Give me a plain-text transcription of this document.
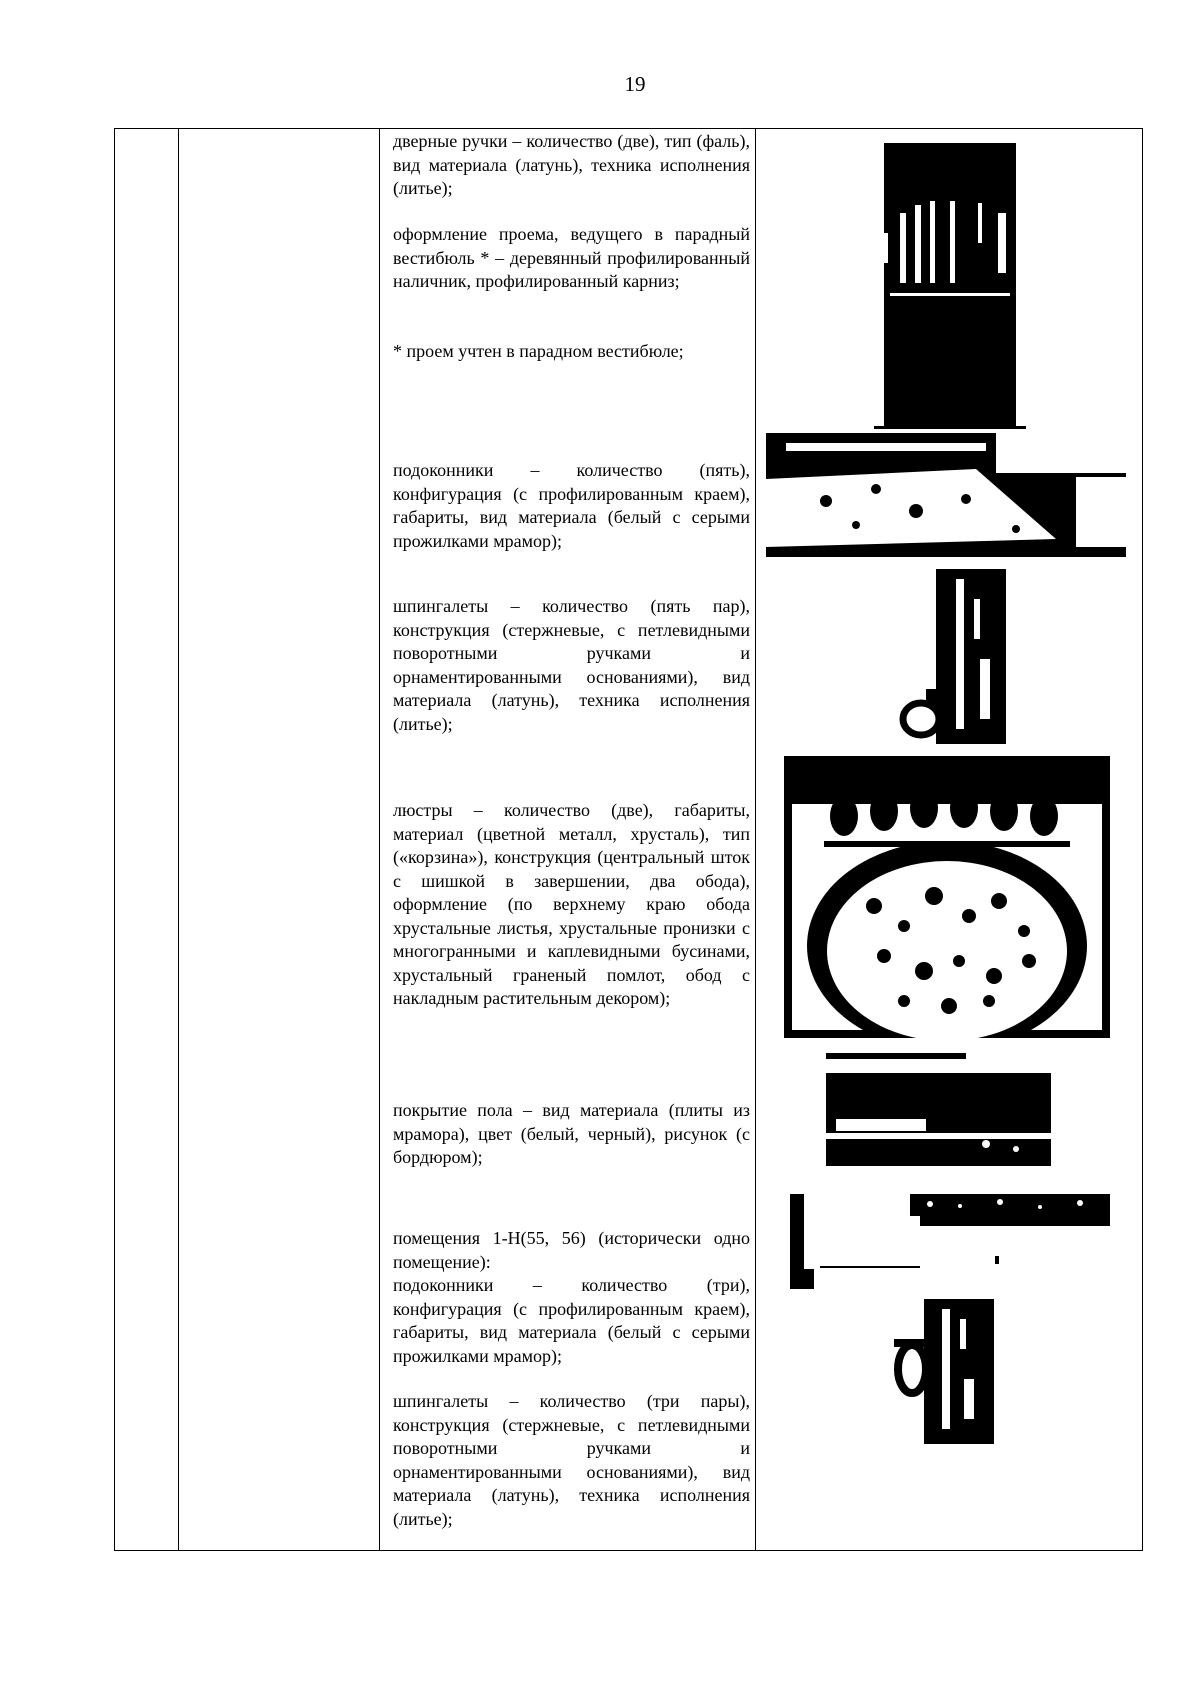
19

дверные ручки – количество (две), тип (фаль), вид материала (латунь), техника исполнения (литье);

оформление проема, ведущего в парадный вестибюль * – деревянный профилированный наличник, профилированный карниз;

* проем учтен в парадном вестибюле;

подоконники – количество (пять), конфигурация (с профилированным краем), габариты, вид материала (белый с серыми прожилками мрамор);

шпингалеты – количество (пять пар), конструкция (стержневые, с петлевидными поворотными ручками и орнаментированными основаниями), вид материала (латунь), техника исполнения (литье);

люстры – количество (две), габариты, материал (цветной металл, хрусталь), тип («корзина»), конструкция (центральный шток с шишкой в завершении, два обода), оформление (по верхнему краю обода хрустальные листья, хрустальные пронизки с многогранными и каплевидными бусинами, хрустальный граненый помлот, обод с накладным растительным декором);

покрытие пола – вид материала (плиты из мрамора), цвет (белый, черный), рисунок (с бордюром);

помещения 1-Н(55, 56) (исторически одно помещение):

подоконники – количество (три), конфигурация (с профилированным краем), габариты, вид материала (белый с серыми прожилками мрамор);

шпингалеты – количество (три пары), конструкция (стержневые, с петлевидными поворотными ручками и орнаментированными основаниями), вид материала (латунь), техника исполнения (литье);
